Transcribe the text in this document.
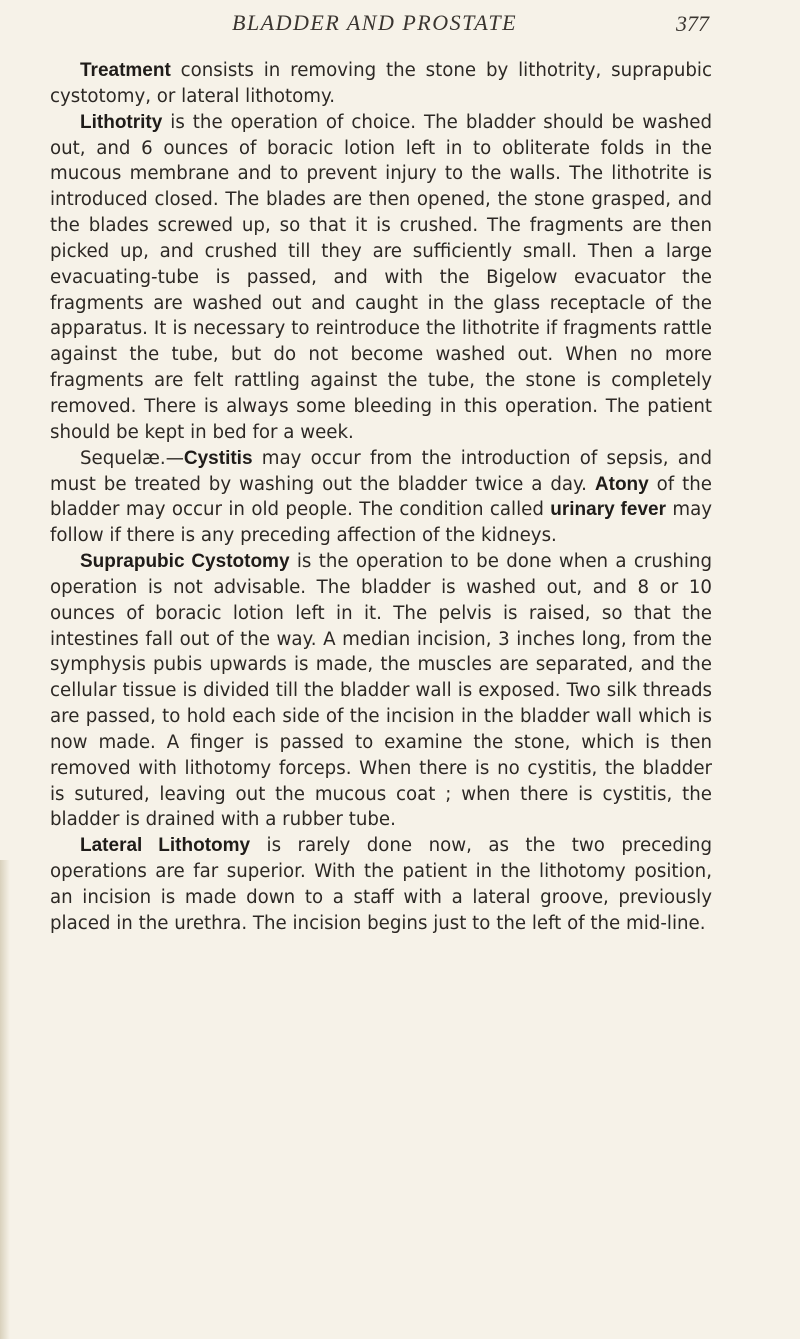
BLADDER AND PROSTATE	377

Treatment consists in removing the stone by lithotrity, suprapubic cystotomy, or lateral lithotomy.

Lithotrity is the operation of choice. The bladder should be washed out, and 6 ounces of boracic lotion left in to obliterate folds in the mucous membrane and to prevent injury to the walls. The lithotrite is introduced closed. The blades are then opened, the stone grasped, and the blades screwed up, so that it is crushed. The fragments are then picked up, and crushed till they are sufficiently small. Then a large evacuating-tube is passed, and with the Bigelow evacuator the fragments are washed out and caught in the glass receptacle of the apparatus. It is necessary to reintroduce the lithotrite if fragments rattle against the tube, but do not become washed out. When no more fragments are felt rattling against the tube, the stone is completely removed. There is always some bleeding in this operation. The patient should be kept in bed for a week.

Sequelæ.—Cystitis may occur from the introduction of sepsis, and must be treated by washing out the bladder twice a day. Atony of the bladder may occur in old people. The condition called urinary fever may follow if there is any preceding affection of the kidneys.

Suprapubic Cystotomy is the operation to be done when a crushing operation is not advisable. The bladder is washed out, and 8 or 10 ounces of boracic lotion left in it. The pelvis is raised, so that the intestines fall out of the way. A median incision, 3 inches long, from the symphysis pubis upwards is made, the muscles are separated, and the cellular tissue is divided till the bladder wall is exposed. Two silk threads are passed, to hold each side of the incision in the bladder wall which is now made. A finger is passed to examine the stone, which is then removed with lithotomy forceps. When there is no cystitis, the bladder is sutured, leaving out the mucous coat ; when there is cystitis, the bladder is drained with a rubber tube.

Lateral Lithotomy is rarely done now, as the two preceding operations are far superior. With the patient in the lithotomy position, an incision is made down to a staff with a lateral groove, previously placed in the urethra. The incision begins just to the left of the mid-line.
